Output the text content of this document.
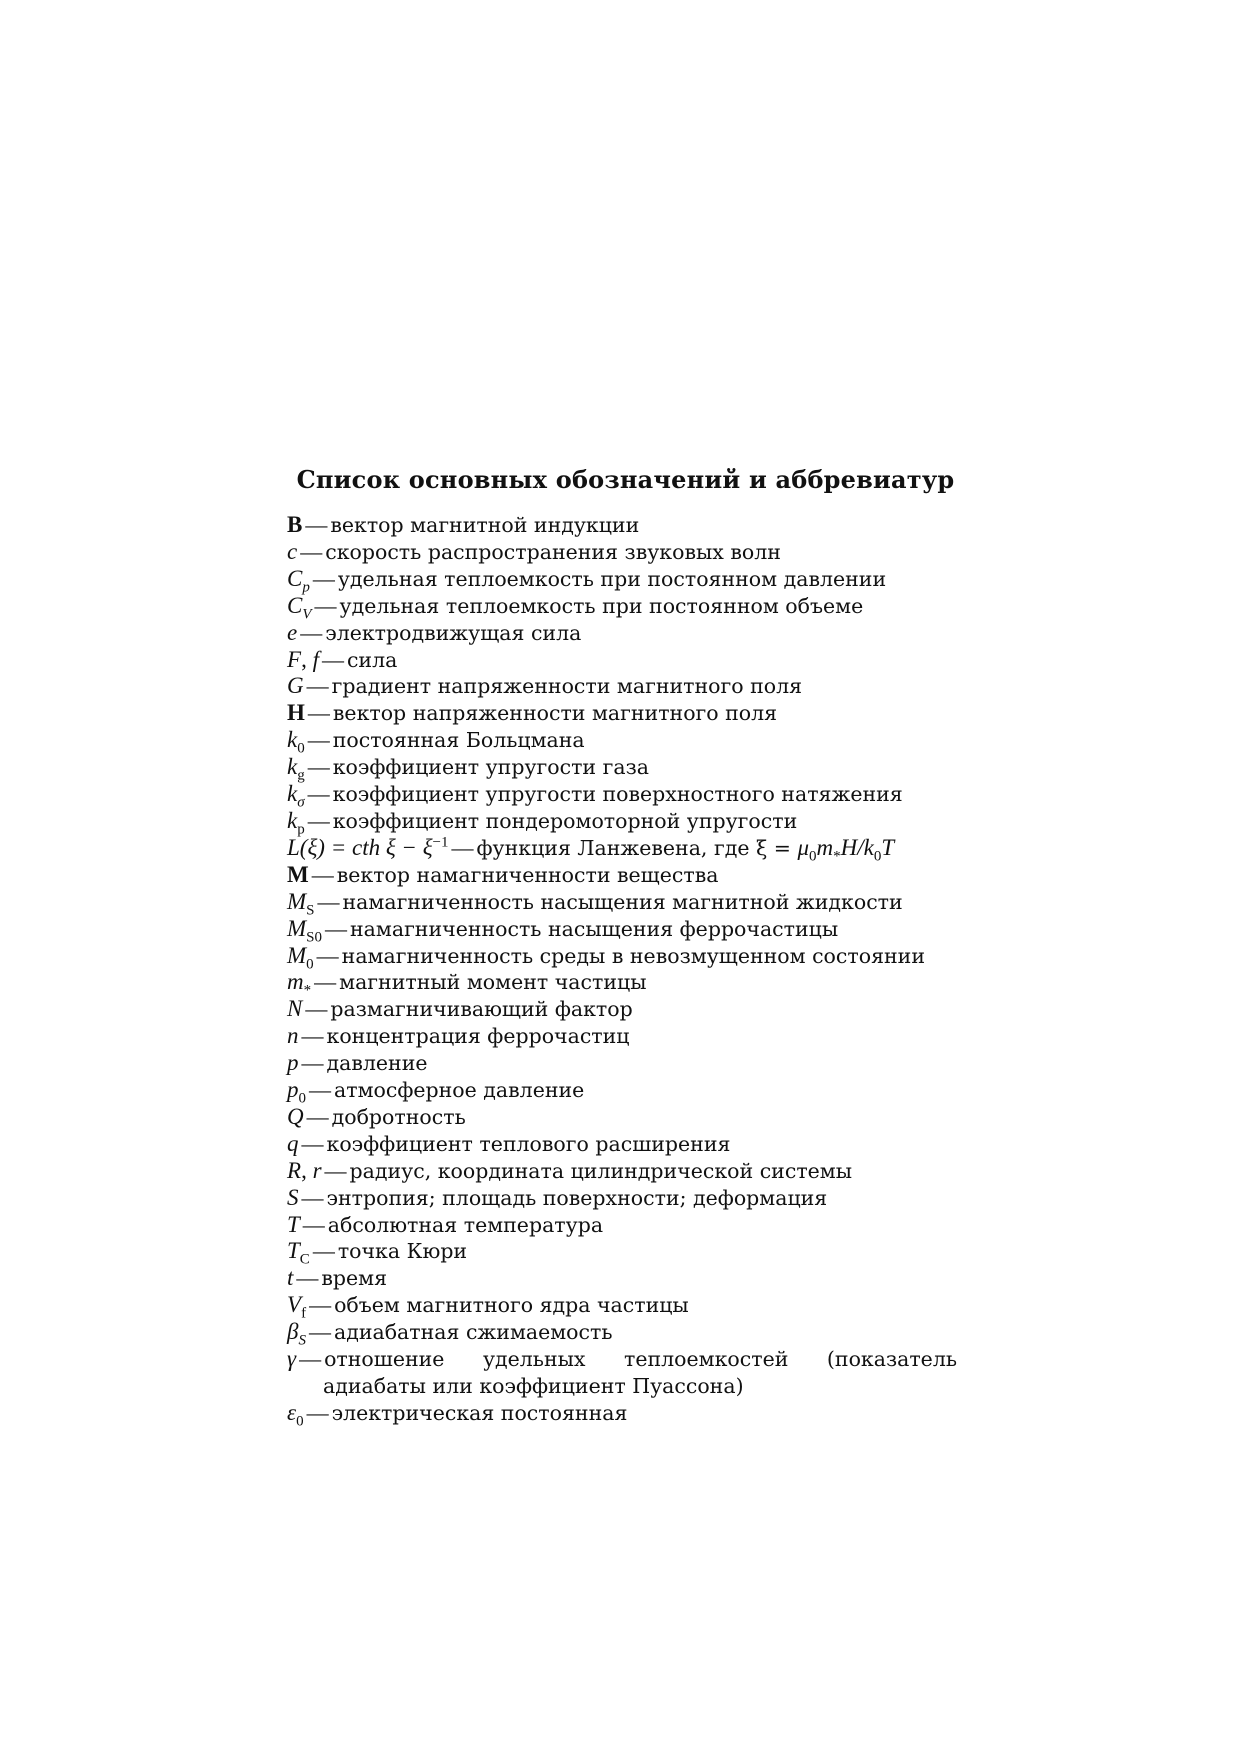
Список основных обозначений и аббревиатур
B — вектор магнитной индукции
c — скорость распространения звуковых волн
$C_p$ — удельная теплоемкость при постоянном давлении
$C_V$ — удельная теплоемкость при постоянном объеме
e — электродвижущая сила
F, f — сила
G — градиент напряженности магнитного поля
H — вектор напряженности магнитного поля
$k_0$ — постоянная Больцмана
$k_g$ — коэффициент упругости газа
$k_\sigma$ — коэффициент упругости поверхностного натяжения
$k_p$ — коэффициент пондеромоторной упругости
L(ξ) = cth $\xi - \xi^{-1}$ — функция Ланжевена, где $\xi = \mu_0m_*H/k_0T$
M — вектор намагниченности вещества
$M_S$ — намагниченность насыщения магнитной жидкости
$M_{S0}$ — намагниченность насыщения феррочастицы
$M_0$ — намагниченность среды в невозмущенном состоянии
$m_*$ — магнитный момент частицы
N — размагничивающий фактор
n — концентрация феррочастиц
p — давление
$p_0$ — атмосферное давление
Q — добротность
q — коэффициент теплового расширения
R, r — радиус, координата цилиндрической системы
S — энтропия; площадь поверхности; деформация
T — абсолютная температура
$T_C$ — точка Кюри
t — время
$V_f$ — объем магнитного ядра частицы
$\beta_S$ — адиабатная сжимаемость
γ — отношение удельных теплоемкостей (показатель адиабаты или коэффициент Пуассона)
$\varepsilon_0$ — электрическая постоянная
